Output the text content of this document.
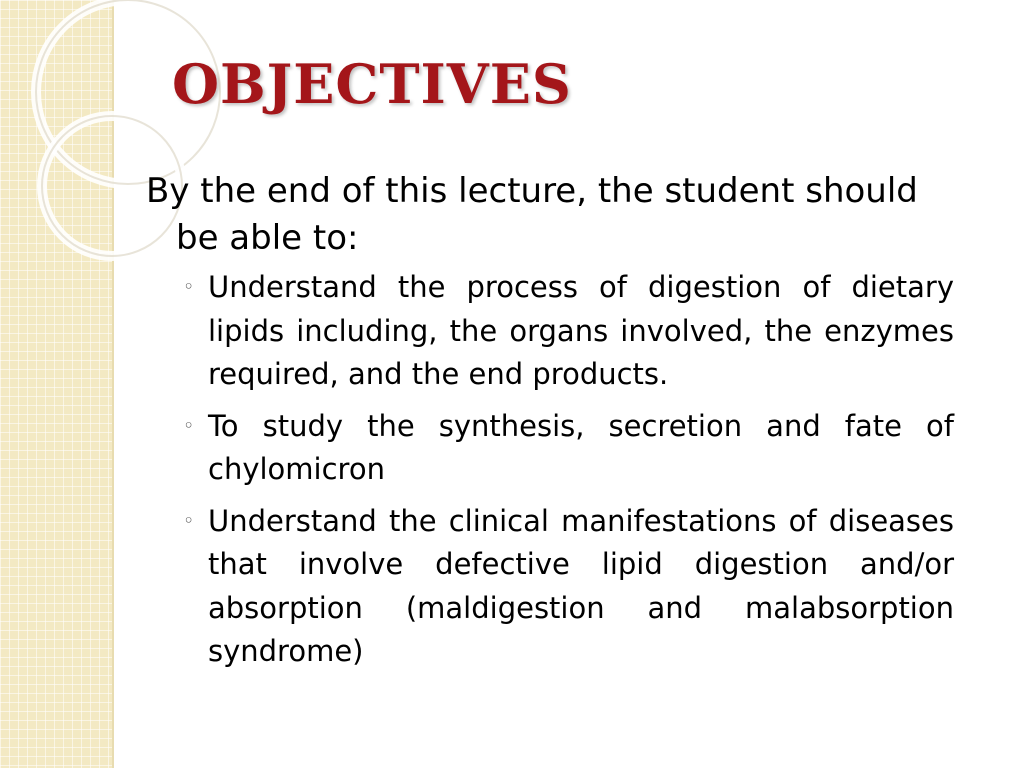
OBJECTIVES

By the end of this lecture, the student should be able to:

◦ Understand the process of digestion of dietary lipids including, the organs involved, the enzymes required, and the end products.
◦ To study the synthesis, secretion and fate of chylomicron
◦ Understand the clinical manifestations of diseases that involve defective lipid digestion and/or absorption (maldigestion and malabsorption syndrome)
